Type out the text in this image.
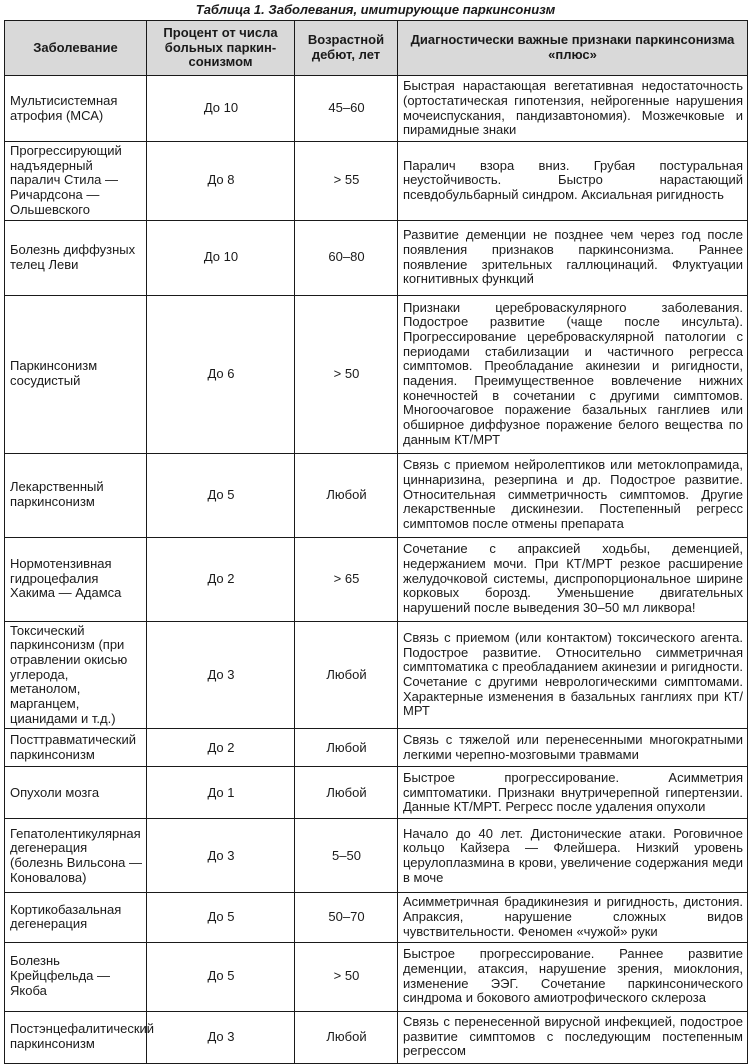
Таблица 1. Заболевания, имитирующие паркинсонизм
Заболевание	Процент от числа больных паркин-сонизмом	Возрастной дебют, лет	Диагностически важные признаки паркинсонизма «плюс»
Мультисистемная атрофия (МСА)	До 10	45–60	Быстрая нарастающая вегетативная недостаточность (ортостатическая гипотензия, нейрогенные нарушения мочеиспускания, пандизавтономия). Мозжечковые и пирамидные знаки
Прогрессирующий надъядерный паралич Стила — Ричардсона — Ольшевского	До 8	> 55	Паралич взора вниз. Грубая постуральная неустойчивость. Быстро нарастающий псевдобульбарный синдром. Аксиальная ригидность
Болезнь диффузных телец Леви	До 10	60–80	Развитие деменции не позднее чем через год после появления признаков паркинсонизма. Раннее появление зрительных галлюцинаций. Флуктуации когнитивных функций
Паркинсонизм сосудистый	До 6	> 50	Признаки цереброваскулярного заболевания. Подострое развитие (чаще после инсульта). Прогрессирование цереброваскулярной патологии с периодами стабилизации и частичного регресса симптомов. Преобладание акинезии и ригидности, падения. Преимущественное вовлечение нижних конечностей в сочетании с другими симптомов. Многоочаговое поражение базальных ганглиев или обширное диффузное поражение белого вещества по данным КТ/МРТ
Лекарственный паркинсонизм	До 5	Любой	Связь с приемом нейролептиков или метоклопрамида, циннаризина, резерпина и др. Подострое развитие. Относительная симметричность симптомов. Другие лекарственные дискинезии. Постепенный регресс симптомов после отмены препарата
Нормотензивная гидроцефалия Хакима — Адамса	До 2	> 65	Сочетание с апраксией ходьбы, деменцией, недержанием мочи. При КТ/МРТ резкое расширение желудочковой системы, диспропорциональное ширине корковых борозд. Уменьшение двигательных нарушений после выведения 30–50 мл ликвора!
Токсический паркинсонизм (при отравлении окисью углерода, метанолом, марганцем, цианидами и т.д.)	До 3	Любой	Связь с приемом (или контактом) токсического агента. Подострое развитие. Относительно симметричная симптоматика с преобладанием акинезии и ригидности. Сочетание с другими неврологическими симптомами. Характерные изменения в базальных ганглиях при КТ/МРТ
Посттравматический паркинсонизм	До 2	Любой	Связь с тяжелой или перенесенными многократными легкими черепно-мозговыми травмами
Опухоли мозга	До 1	Любой	Быстрое прогрессирование. Асимметрия симптоматики. Признаки внутричерепной гипертензии. Данные КТ/МРТ. Регресс после удаления опухоли
Гепатолентикулярная дегенерация (болезнь Вильсона — Коновалова)	До 3	5–50	Начало до 40 лет. Дистонические атаки. Роговичное кольцо Кайзера — Флейшера. Низкий уровень церулоплазмина в крови, увеличение содержания меди в моче
Кортикобазальная дегенерация	До 5	50–70	Асимметричная брадикинезия и ригидность, дистония. Апраксия, нарушение сложных видов чувствительности. Феномен «чужой» руки
Болезнь Крейцфельда — Якоба	До 5	> 50	Быстрое прогрессирование. Раннее развитие деменции, атаксия, нарушение зрения, миоклония, изменение ЭЭГ. Сочетание паркинсонического синдрома и бокового амиотрофического склероза
Постэнцефалитический паркинсонизм	До 3	Любой	Связь с перенесенной вирусной инфекцией, подострое развитие симптомов с последующим постепенным регрессом
